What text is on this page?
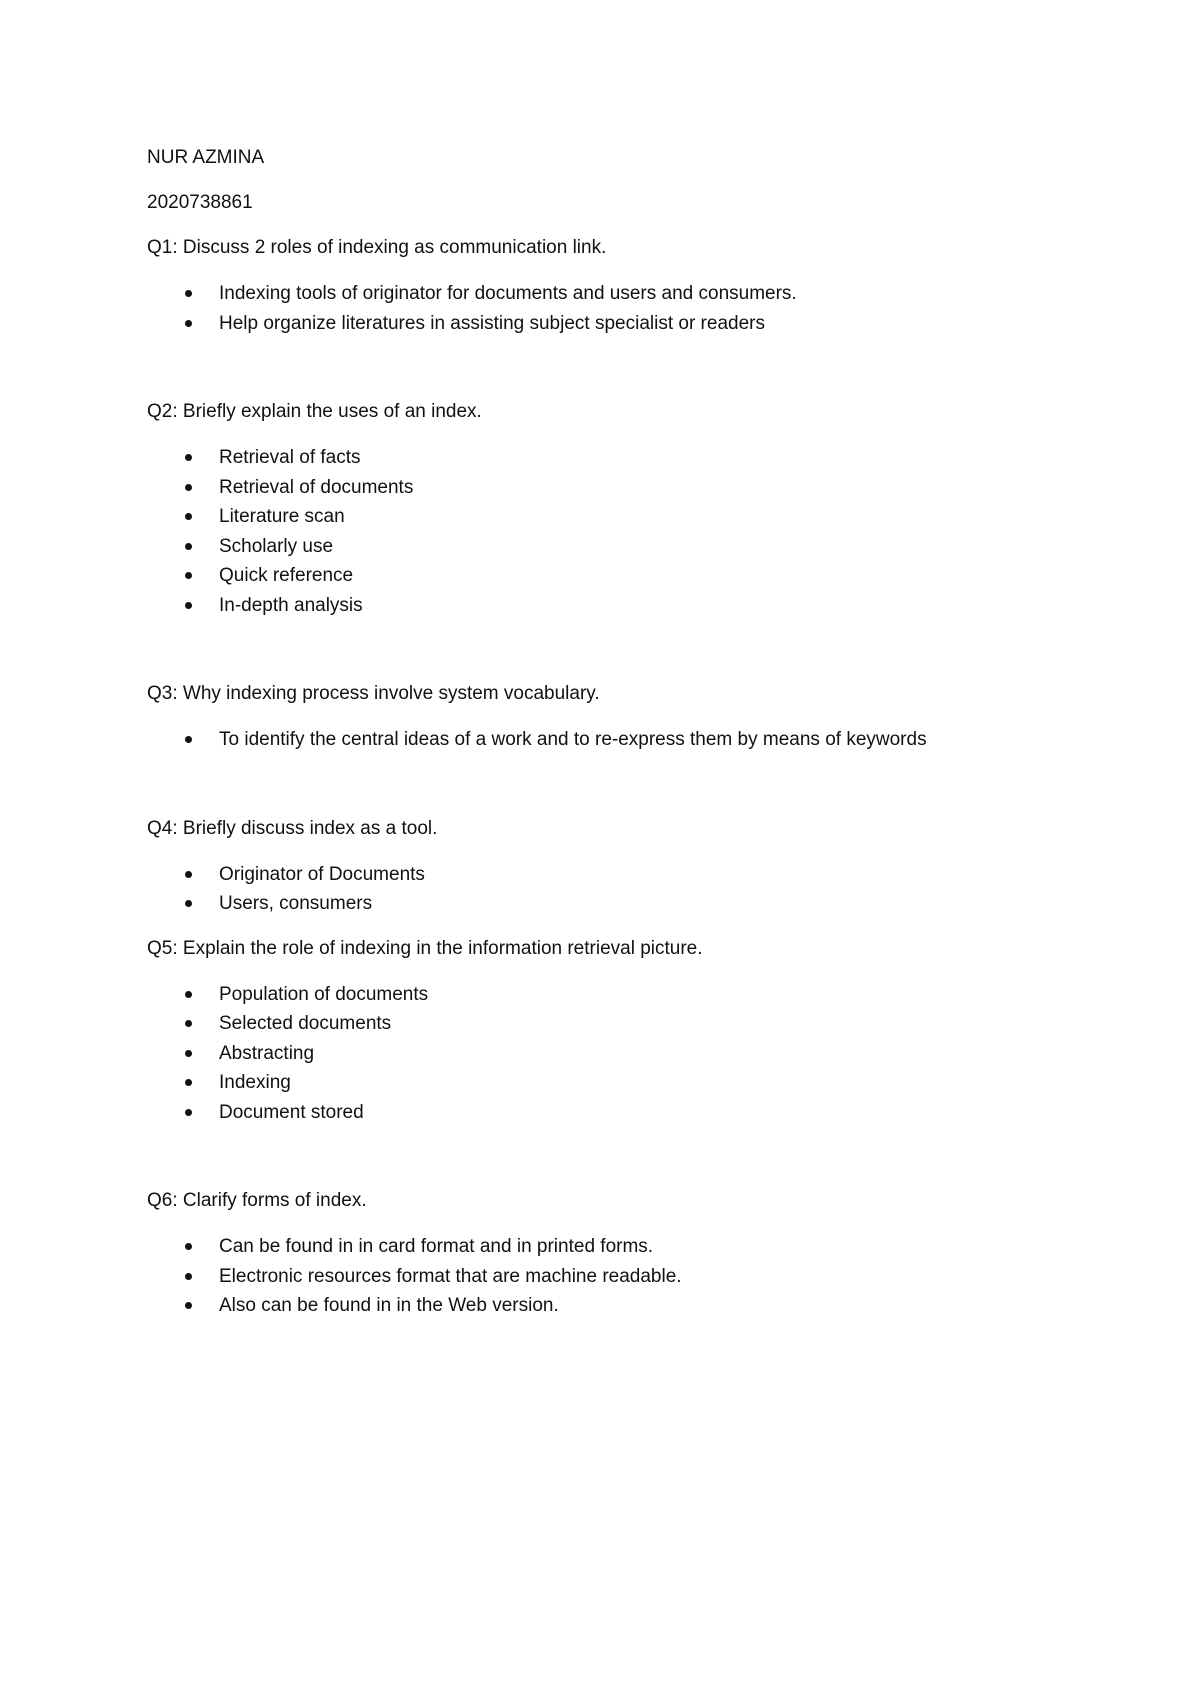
NUR AZMINA
2020738861
Q1: Discuss 2 roles of indexing as communication link.
Indexing tools of originator for documents and users and consumers.
Help organize literatures in assisting subject specialist or readers
Q2: Briefly explain the uses of an index.
Retrieval of facts
Retrieval of documents
Literature scan
Scholarly use
Quick reference
In-depth analysis
Q3: Why indexing process involve system vocabulary.
To identify the central ideas of a work and to re-express them by means of keywords
Q4: Briefly discuss index as a tool.
Originator of Documents
Users, consumers
Q5: Explain the role of indexing in the information retrieval picture.
Population of documents
Selected documents
Abstracting
Indexing
Document stored
Q6: Clarify forms of index.
Can be found in in card format and in printed forms.
Electronic resources format that are machine readable.
Also can be found in in the Web version.
